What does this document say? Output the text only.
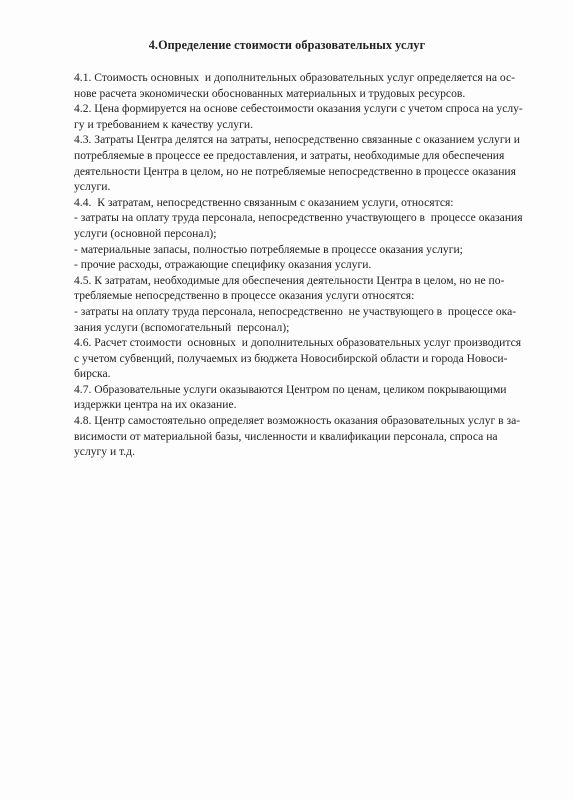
4.Определение стоимости образовательных услуг
4.1. Стоимость основных  и дополнительных образовательных услуг определяется на ос-
нове расчета экономически обоснованных материальных и трудовых ресурсов.
4.2. Цена формируется на основе себестоимости оказания услуги с учетом спроса на услу-
гу и требованием к качеству услуги.
4.3. Затраты Центра делятся на затраты, непосредственно связанные с оказанием услуги и
потребляемые в процессе ее предоставления, и затраты, необходимые для обеспечения
деятельности Центра в целом, но не потребляемые непосредственно в процессе оказания
услуги.
4.4.  К затратам, непосредственно связанным с оказанием услуги, относятся:
- затраты на оплату труда персонала, непосредственно участвующего в  процессе оказания
услуги (основной персонал);
- материальные запасы, полностью потребляемые в процессе оказания услуги;
- прочие расходы, отражающие специфику оказания услуги.
4.5. К затратам, необходимые для обеспечения деятельности Центра в целом, но не по-
требляемые непосредственно в процессе оказания услуги относятся:
- затраты на оплату труда персонала, непосредственно  не участвующего в  процессе ока-
зания услуги (вспомогательный  персонал);
4.6. Расчет стоимости  основных  и дополнительных образовательных услуг производится
с учетом субвенций, получаемых из бюджета Новосибирской области и города Новоси-
бирска.
4.7. Образовательные услуги оказываются Центром по ценам, целиком покрывающими
издержки центра на их оказание.
4.8. Центр самостоятельно определяет возможность оказания образовательных услуг в за-
висимости от материальной базы, численности и квалификации персонала, спроса на
услугу и т.д.
